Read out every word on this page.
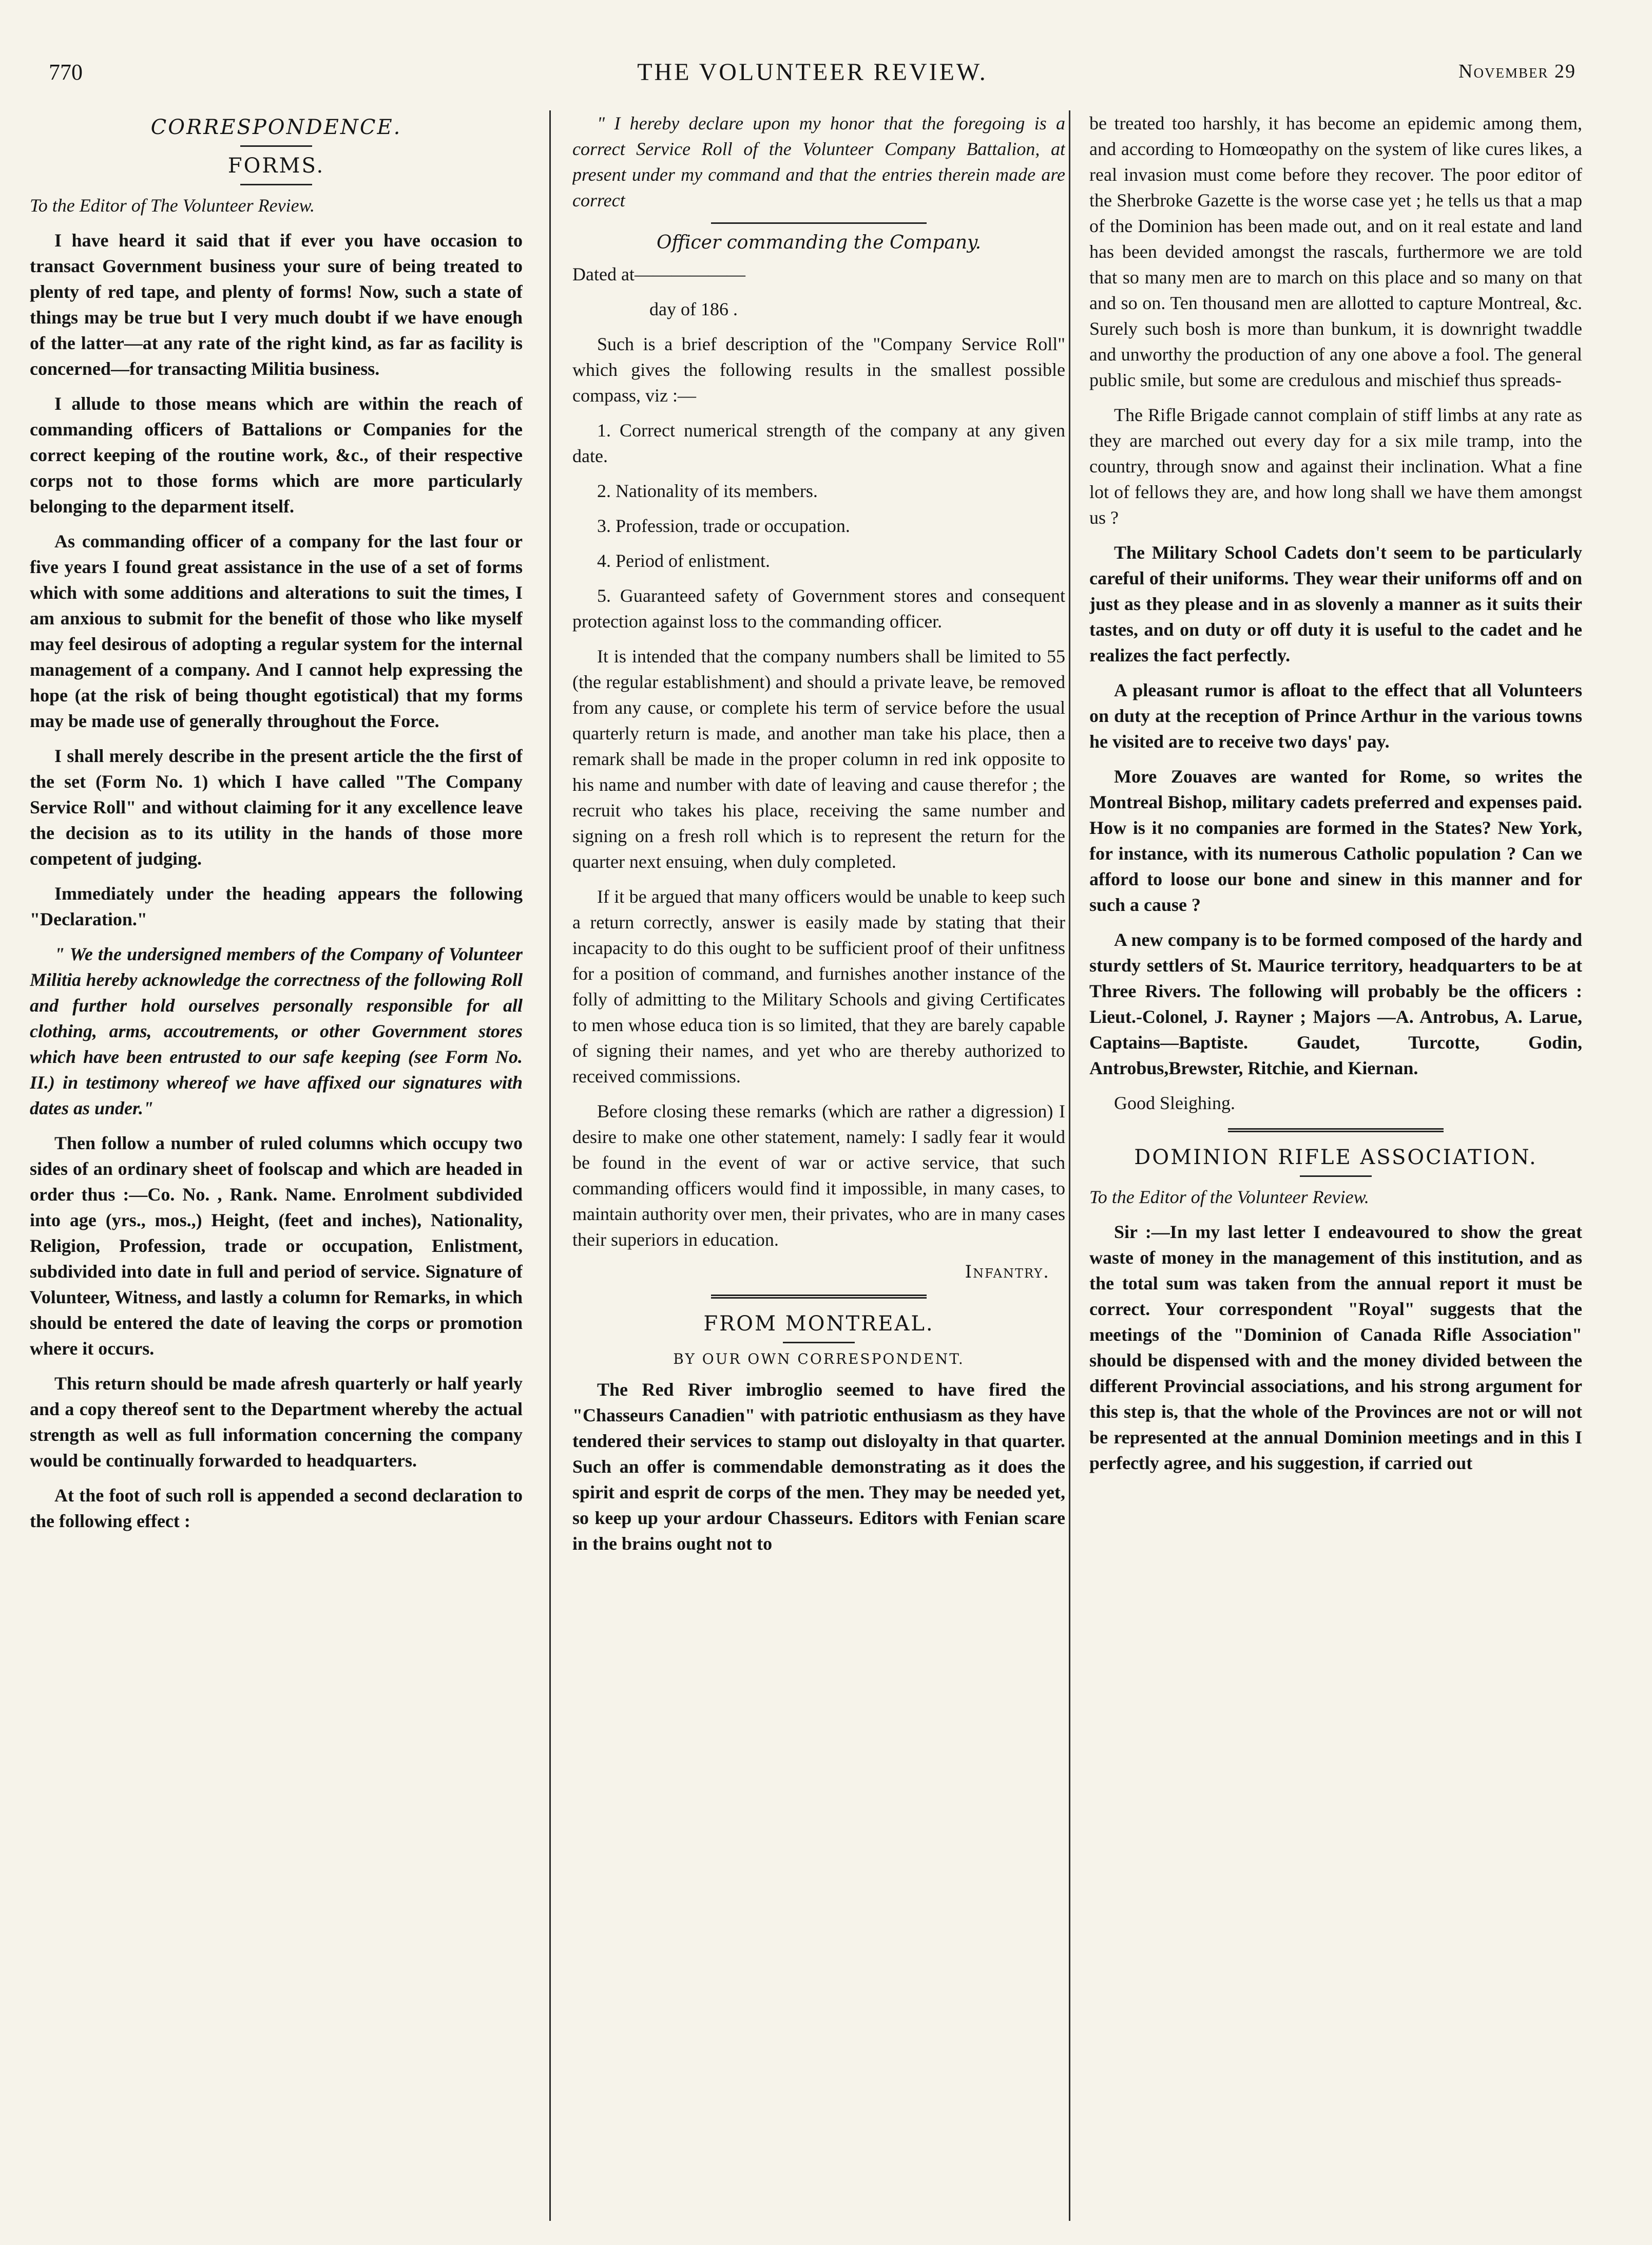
770	THE VOLUNTEER REVIEW.	November 29
CORRESPONDENCE.
FORMS.

To the Editor of The Volunteer Review.

I have heard it said that if ever you have occasion to transact Government business your sure of being treated to plenty of red tape, and plenty of forms! Now, such a state of things may be true but I very much doubt if we have enough of the latter—at any rate of the right kind, as far as facility is concerned—for transacting Militia business.

I allude to those means which are within the reach of commanding officers of Battalions or Companies for the correct keeping of the routine work, &c., of their respective corps not to those forms which are more particularly belonging to the deparment itself.

As commanding officer of a company for the last four or five years I found great assistance in the use of a set of forms which with some additions and alterations to suit the times, I am anxious to submit for the benefit of those who like myself may feel desirous of adopting a regular system for the internal management of a company. And I cannot help expressing the hope (at the risk of being thought egotistical) that my forms may be made use of generally throughout the Force.

I shall merely describe in the present article the the first of the set (Form No. 1) which I have called "The Company Service Roll" and without claiming for it any excellence leave the decision as to its utility in the hands of those more competent of judging.

Immediately under the heading appears the following "Declaration."

" We the undersigned members of the Company of Volunteer Militia hereby acknowledge the correctness of the following Roll and further hold ourselves personally responsible for all clothing, arms, accoutrements, or other Government stores which have been entrusted to our safe keeping (see Form No. II.) in testimony whereof we have affixed our signatures with dates as under."

Then follow a number of ruled columns which occupy two sides of an ordinary sheet of foolscap and which are headed in order thus :—Co. No. , Rank. Name. Enrolment subdivided into age (yrs., mos.,) Height, (feet and inches), Nationality, Religion, Profession, trade or occupation, Enlistment, subdivided into date in full and period of service. Signature of Volunteer, Witness, and lastly a column for Remarks, in which should be entered the date of leaving the corps or promotion where it occurs.

This return should be made afresh quarterly or half yearly and a copy thereof sent to the Department whereby the actual strength as well as full information concerning the company would be continually forwarded to headquarters.

At the foot of such roll is appended a second declaration to the following effect :

" I hereby declare upon my honor that the foregoing is a correct Service Roll of the Volunteer Company Battalion, at present under my command and that the entries therein made are correct

Officer commanding the Company.

Dated at——————

day of 186 .

Such is a brief description of the "Company Service Roll" which gives the following results in the smallest possible compass, viz :—

1. Correct numerical strength of the company at any given date.

2. Nationality of its members.

3. Profession, trade or occupation.

4. Period of enlistment.

5. Guaranteed safety of Government stores and consequent protection against loss to the commanding officer.

It is intended that the company numbers shall be limited to 55 (the regular establishment) and should a private leave, be removed from any cause, or complete his term of service before the usual quarterly return is made, and another man take his place, then a remark shall be made in the proper column in red ink opposite to his name and number with date of leaving and cause therefor ; the recruit who takes his place, receiving the same number and signing on a fresh roll which is to represent the return for the quarter next ensuing, when duly completed.

If it be argued that many officers would be unable to keep such a return correctly, answer is easily made by stating that their incapacity to do this ought to be sufficient proof of their unfitness for a position of command, and furnishes another instance of the folly of admitting to the Military Schools and giving Certificates to men whose educa tion is so limited, that they are barely capable of signing their names, and yet who are thereby authorized to received commissions.

Before closing these remarks (which are rather a digression) I desire to make one other statement, namely: I sadly fear it would be found in the event of war or active service, that such commanding officers would find it impossible, in many cases, to maintain authority over men, their privates, who are in many cases their superiors in education.

Infantry.
FROM MONTREAL.
BY OUR OWN CORRESPONDENT.

The Red River imbroglio seemed to have fired the "Chasseurs Canadien" with patriotic enthusiasm as they have tendered their services to stamp out disloyalty in that quarter. Such an offer is commendable demonstrating as it does the spirit and esprit de corps of the men. They may be needed yet, so keep up your ardour Chasseurs. Editors with Fenian scare in the brains ought not to

be treated too harshly, it has become an epidemic among them, and according to Homœopathy on the system of like cures likes, a real invasion must come before they recover. The poor editor of the Sherbroke Gazette is the worse case yet ; he tells us that a map of the Dominion has been made out, and on it real estate and land has been devided amongst the rascals, furthermore we are told that so many men are to march on this place and so many on that and so on. Ten thousand men are allotted to capture Montreal, &c. Surely such bosh is more than bunkum, it is downright twaddle and unworthy the production of any one above a fool. The general public smile, but some are credulous and mischief thus spreads-

The Rifle Brigade cannot complain of stiff limbs at any rate as they are marched out every day for a six mile tramp, into the country, through snow and against their inclination. What a fine lot of fellows they are, and how long shall we have them amongst us ?

The Military School Cadets don't seem to be particularly careful of their uniforms. They wear their uniforms off and on just as they please and in as slovenly a manner as it suits their tastes, and on duty or off duty it is useful to the cadet and he realizes the fact perfectly.

A pleasant rumor is afloat to the effect that all Volunteers on duty at the reception of Prince Arthur in the various towns he visited are to receive two days' pay.

More Zouaves are wanted for Rome, so writes the Montreal Bishop, military cadets preferred and expenses paid. How is it no companies are formed in the States? New York, for instance, with its numerous Catholic population ? Can we afford to loose our bone and sinew in this manner and for such a cause ?

A new company is to be formed composed of the hardy and sturdy settlers of St. Maurice territory, headquarters to be at Three Rivers. The following will probably be the officers : Lieut.-Colonel, J. Rayner ; Majors —A. Antrobus, A. Larue, Captains—Baptiste. Gaudet, Turcotte, Godin, Antrobus,Brewster, Ritchie, and Kiernan.

Good Sleighing.

DOMINION RIFLE ASSOCIATION.

To the Editor of the Volunteer Review.

Sir :—In my last letter I endeavoured to show the great waste of money in the management of this institution, and as the total sum was taken from the annual report it must be correct. Your correspondent "Royal" suggests that the meetings of the "Dominion of Canada Rifle Association" should be dispensed with and the money divided between the different Provincial associations, and his strong argument for this step is, that the whole of the Provinces are not or will not be represented at the annual Dominion meetings and in this I perfectly agree, and his suggestion, if carried out
